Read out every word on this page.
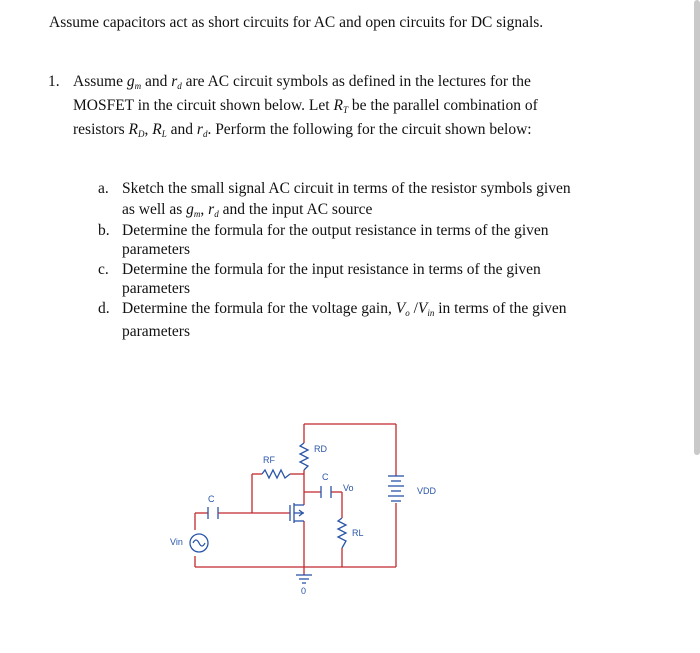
Assume capacitors act as short circuits for AC and open circuits for DC signals.
1. Assume $g_m$ and $r_d$ are AC circuit symbols as defined in the lectures for the
MOSFET in the circuit shown below. Let $R_T$ be the parallel combination of
resistors $R_D$, $R_L$ and $r_d$. Perform the following for the circuit shown below:
a. Sketch the small signal AC circuit in terms of the resistor symbols given
as well as $g_m$, $r_d$ and the input AC source
b. Determine the formula for the output resistance in terms of the given
parameters
c. Determine the formula for the input resistance in terms of the given
parameters
d. Determine the formula for the voltage gain, $V_o$ $/V_{in}$ in terms of the given
parameters
RD
RF
C
Vo	VDD
C
RL
Vin
0
